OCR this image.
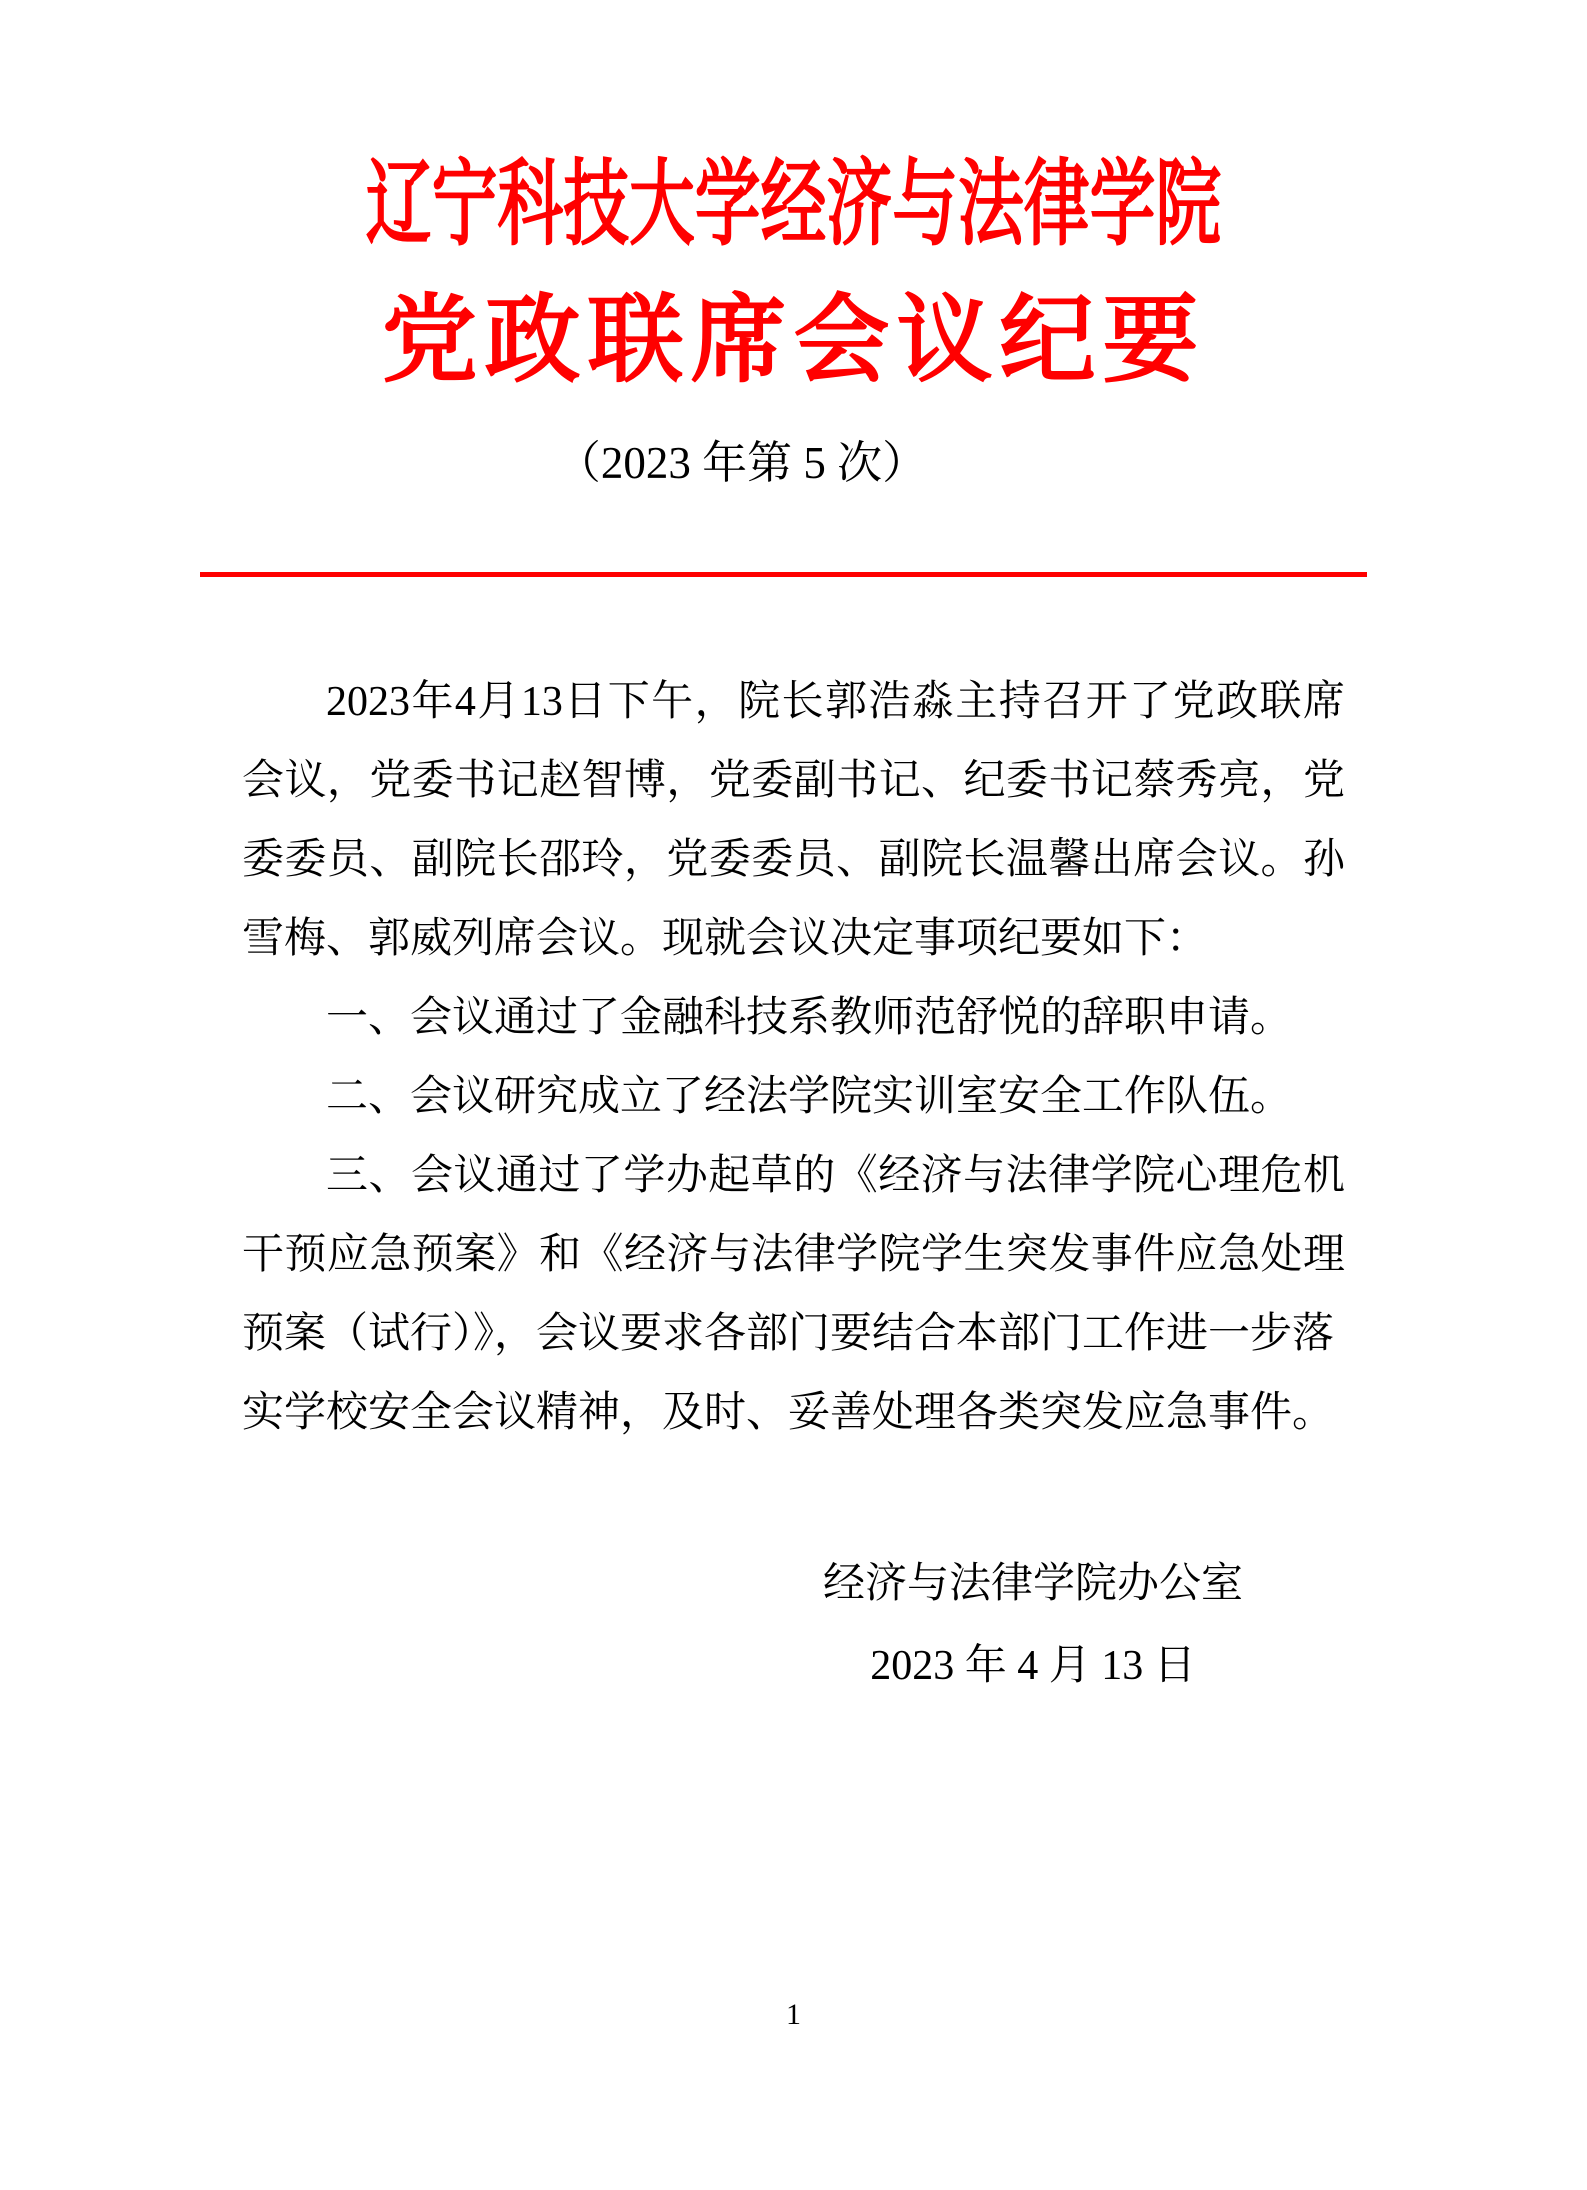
辽宁科技大学经济与法律学院
党政联席会议纪要
（2023 年第 5 次）
2023年4月13日下午，院长郭浩淼主持召开了党政联席
会议，党委书记赵智博，党委副书记、纪委书记蔡秀亮，党
委委员、副院长邵玲，党委委员、副院长温馨出席会议。孙
雪梅、郭威列席会议。现就会议决定事项纪要如下：
一、会议通过了金融科技系教师范舒悦的辞职申请。
二、会议研究成立了经法学院实训室安全工作队伍。
三、会议通过了学办起草的《经济与法律学院心理危机
干预应急预案》和《经济与法律学院学生突发事件应急处理
预案（试行）》，会议要求各部门要结合本部门工作进一步落
实学校安全会议精神，及时、妥善处理各类突发应急事件。
经济与法律学院办公室
2023 年 4 月 13 日
1
